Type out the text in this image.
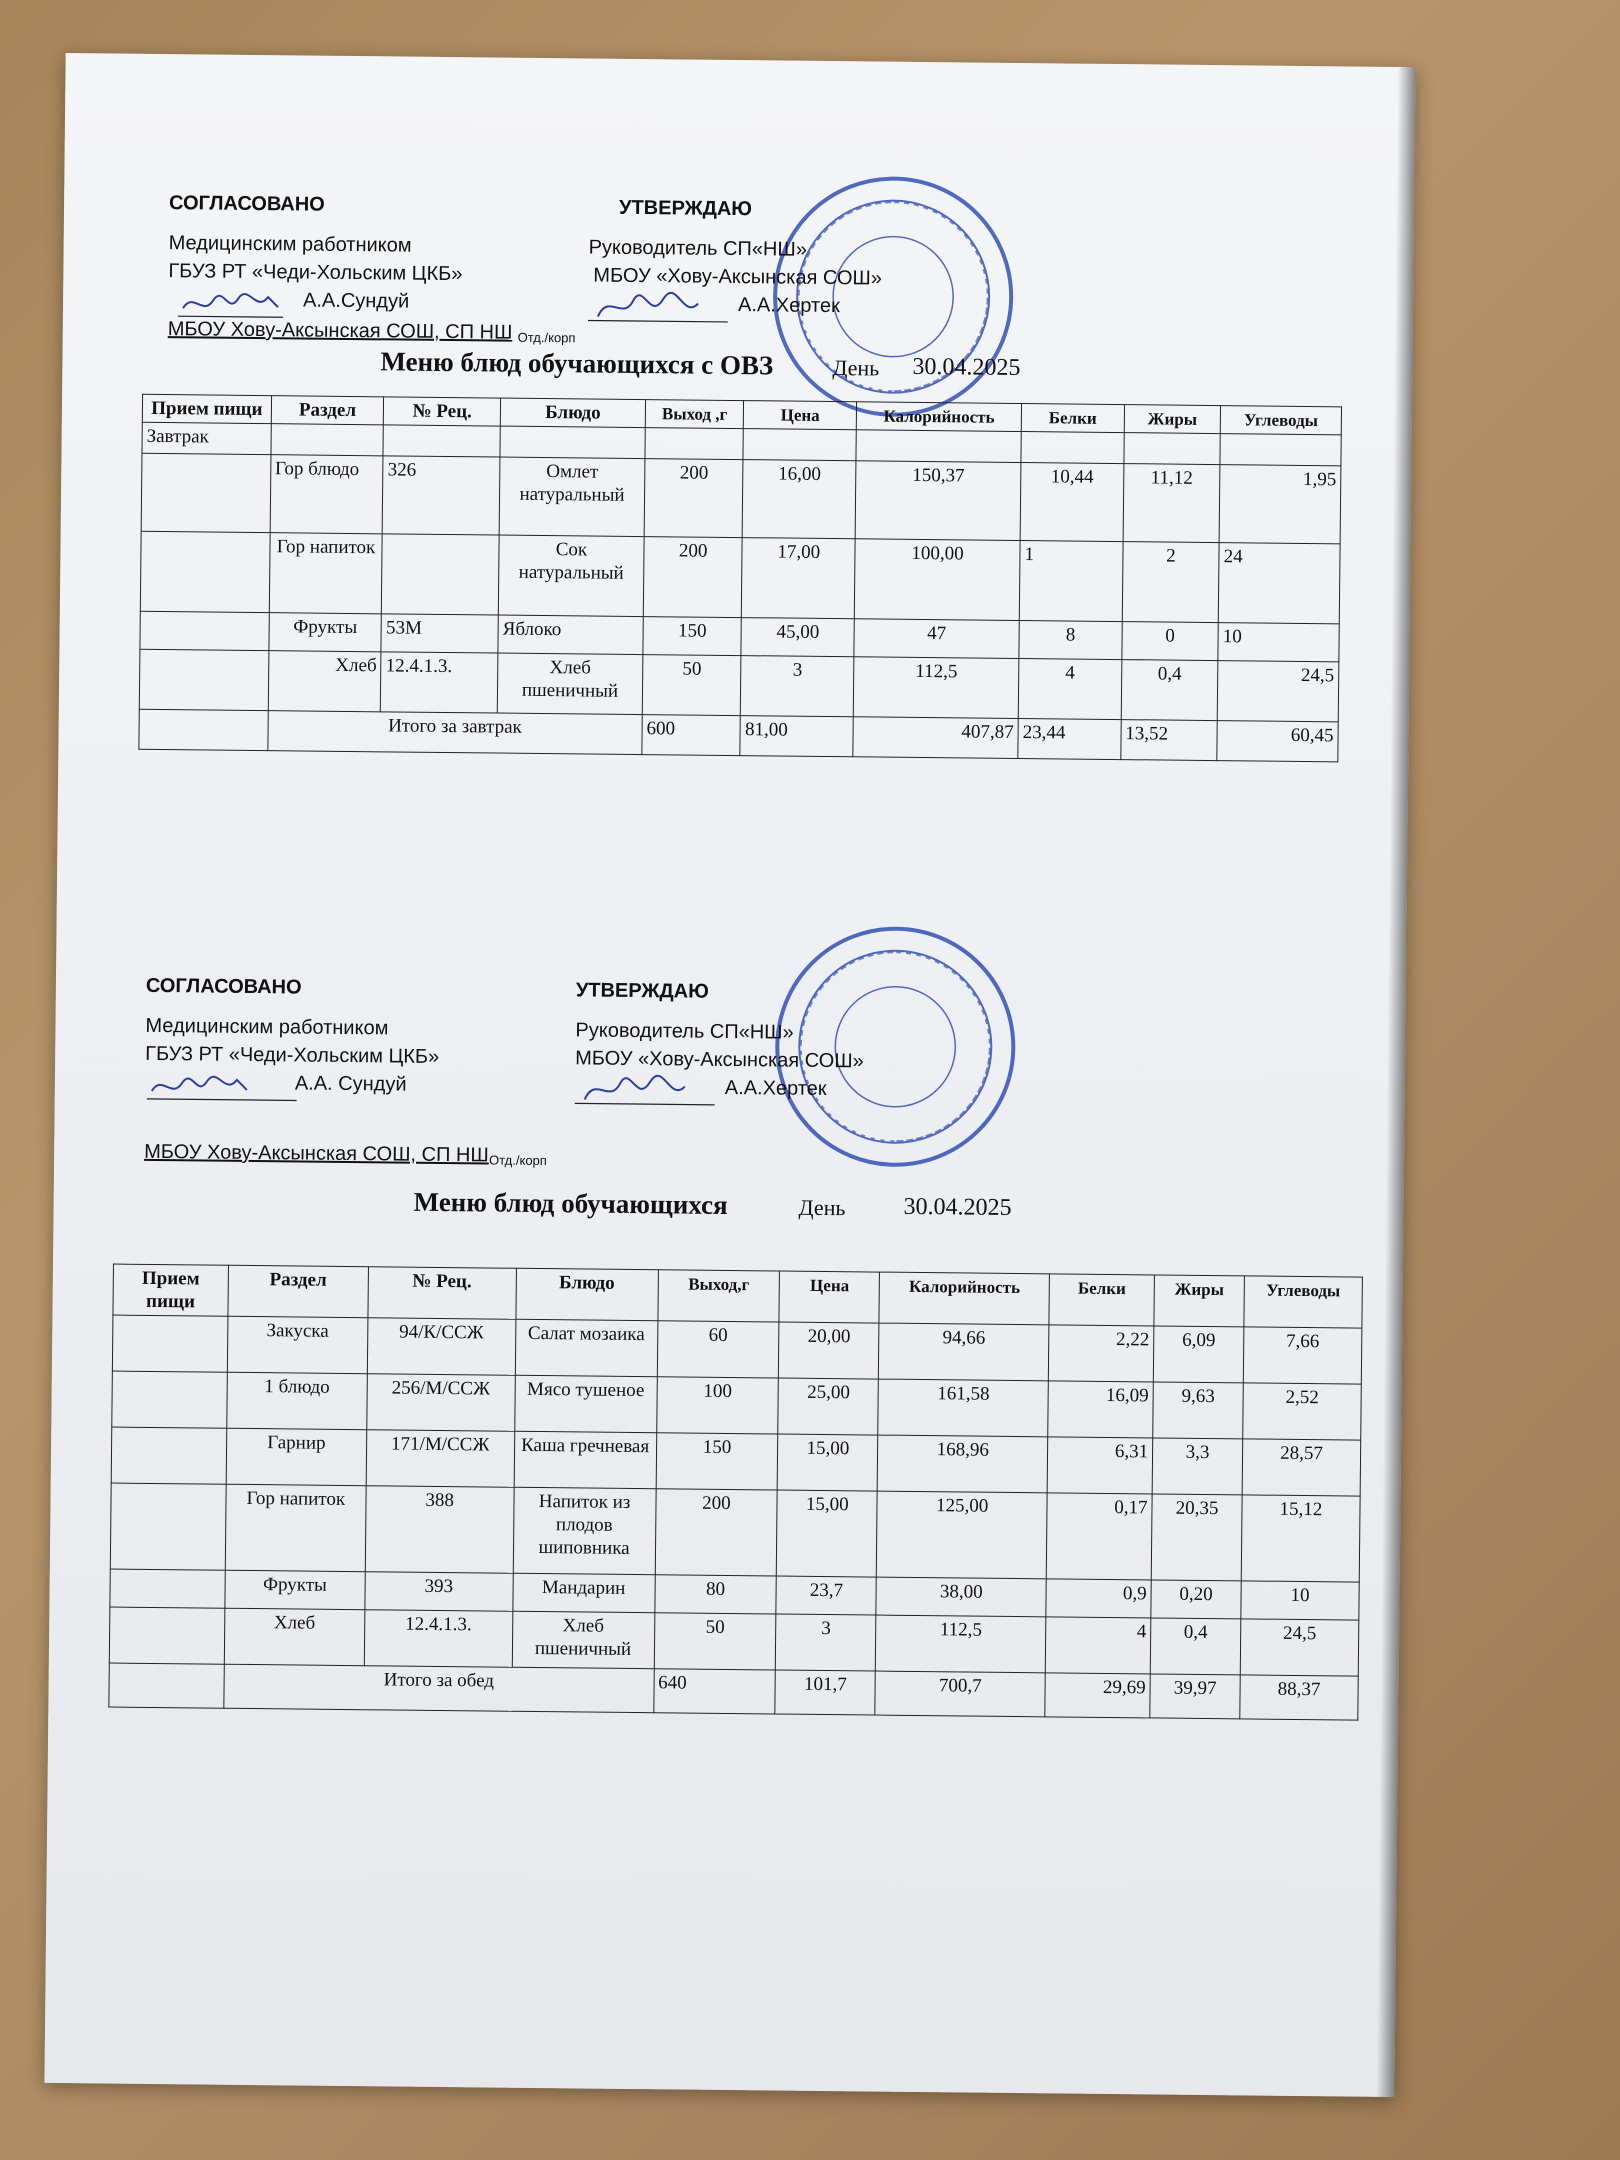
СОГЛАСОВАНО
Медицинским работником
ГБУЗ РТ «Чеди-Хольским ЦКБ»
А.А.Сундуй
МБОУ Хову-Аксынская СОШ, СП НШ Отд./корп
УТВЕРЖДАЮ
Руководитель СП«НШ»
МБОУ «Хову-Аксынская СОШ»
А.А.Хертек
Меню блюд обучающихся с ОВЗ	День 30.04.2025
Прием пищи	Раздел	№ Рец.	Блюдо	Выход ,г	Цена	Калорийность	Белки	Жиры	Углеводы
Завтрак									
	Гор блюдо	326	Омлет натуральный	200	16,00	150,37	10,44	11,12	1,95
	Гор напиток		Сок натуральный	200	17,00	100,00	1	2	24
	Фрукты	53М	Яблоко	150	45,00	47	8	0	10
	Хлеб	12.4.1.3.	Хлеб пшеничный	50	3	112,5	4	0,4	24,5
	Итого за завтрак			600	81,00	407,87	23,44	13,52	60,45
СОГЛАСОВАНО
Медицинским работником
ГБУЗ РТ «Чеди-Хольским ЦКБ»
А.А. Сундуй
МБОУ Хову-Аксынская СОШ, СП НШ Отд./корп
УТВЕРЖДАЮ
Руководитель СП«НШ»
МБОУ «Хову-Аксынская СОШ»
А.А.Хертек
Меню блюд обучающихся	День 30.04.2025
Прием пищи	Раздел	№ Рец.	Блюдо	Выход,г	Цена	Калорийность	Белки	Жиры	Углеводы
	Закуска	94/К/ССЖ	Салат мозаика	60	20,00	94,66	2,22	6,09	7,66
	1 блюдо	256/М/ССЖ	Мясо тушеное	100	25,00	161,58	16,09	9,63	2,52
	Гарнир	171/М/ССЖ	Каша гречневая	150	15,00	168,96	6,31	3,3	28,57
	Гор напиток	388	Напиток из плодов шиповника	200	15,00	125,00	0,17	20,35	15,12
	Фрукты	393	Мандарин	80	23,7	38,00	0,9	0,20	10
	Хлеб	12.4.1.3.	Хлеб пшеничный	50	3	112,5	4	0,4	24,5
	Итого за обед			640	101,7	700,7	29,69	39,97	88,37
